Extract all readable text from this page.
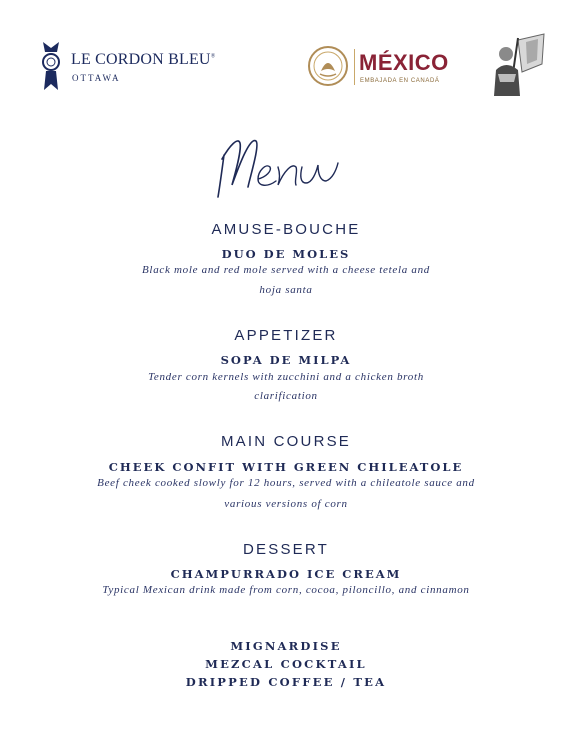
LE CORDON BLEU®
OTTAWA
MÉXICO
EMBAJADA EN CANADÁ
Menu
AMUSE-BOUCHE
DUO DE MOLES
Black mole and red mole served with a cheese tetela and
hoja santa
APPETIZER
SOPA DE MILPA
Tender corn kernels with zucchini and a chicken broth
clarification
MAIN COURSE
CHEEK CONFIT WITH GREEN CHILEATOLE
Beef cheek cooked slowly for 12 hours, served with a chileatole sauce and
various versions of corn
DESSERT
CHAMPURRADO ICE CREAM
Typical Mexican drink made from corn, cocoa, piloncillo, and cinnamon
MIGNARDISE
MEZCAL COCKTAIL
DRIPPED COFFEE / TEA
